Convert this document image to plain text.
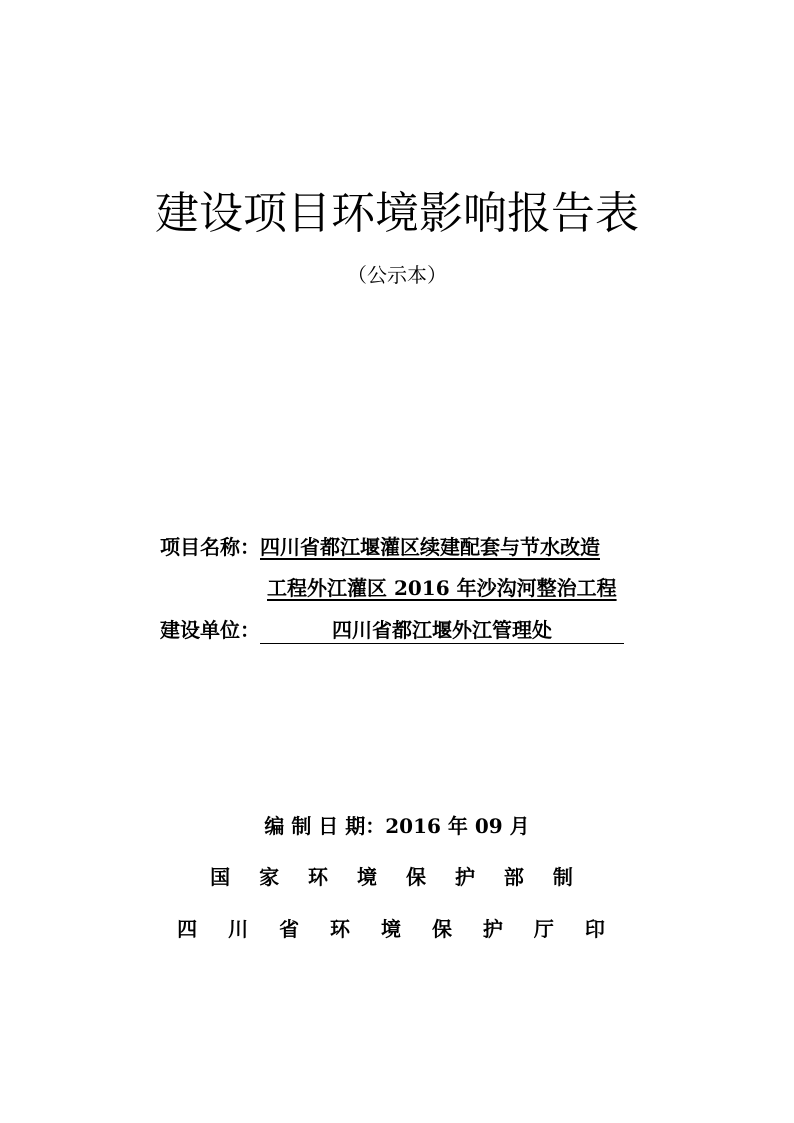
建设项目环境影响报告表
（公示本）
项目名称：四川省都江堰灌区续建配套与节水改造
工程外江灌区 2016 年沙沟河整治工程
建设单位：	四川省都江堰外江管理处
编 制 日 期：2016 年 09 月
国 家 环 境 保 护 部 制
四 川 省 环 境 保 护 厅 印
